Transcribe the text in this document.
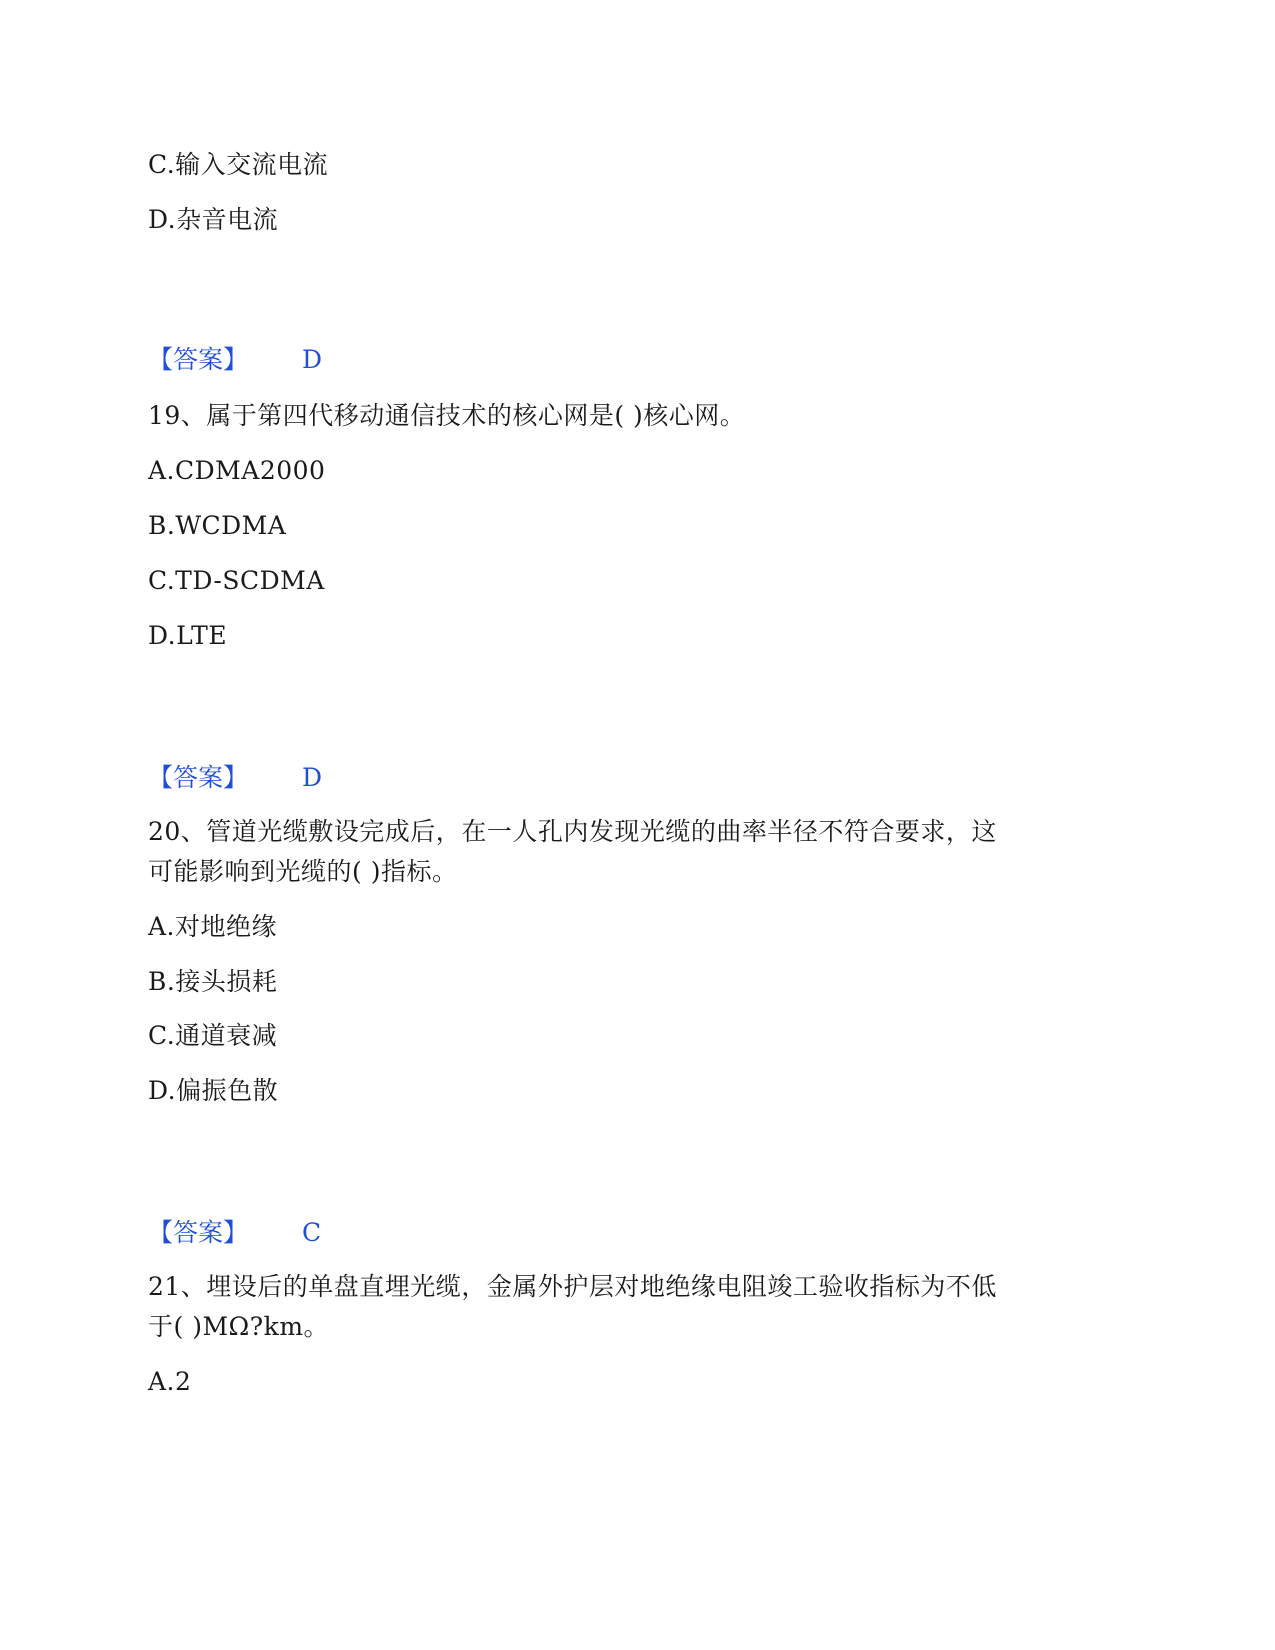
C.输入交流电流
D.杂音电流
【答案】 D
19、属于第四代移动通信技术的核心网是( )核心网。
A.CDMA2000
B.WCDMA
C.TD-SCDMA
D.LTE
【答案】 D
20、管道光缆敷设完成后，在一人孔内发现光缆的曲率半径不符合要求，这
可能影响到光缆的( )指标。
A.对地绝缘
B.接头损耗
C.通道衰减
D.偏振色散
【答案】 C
21、埋设后的单盘直埋光缆，金属外护层对地绝缘电阻竣工验收指标为不低
于( )MΩ?km。
A.2
